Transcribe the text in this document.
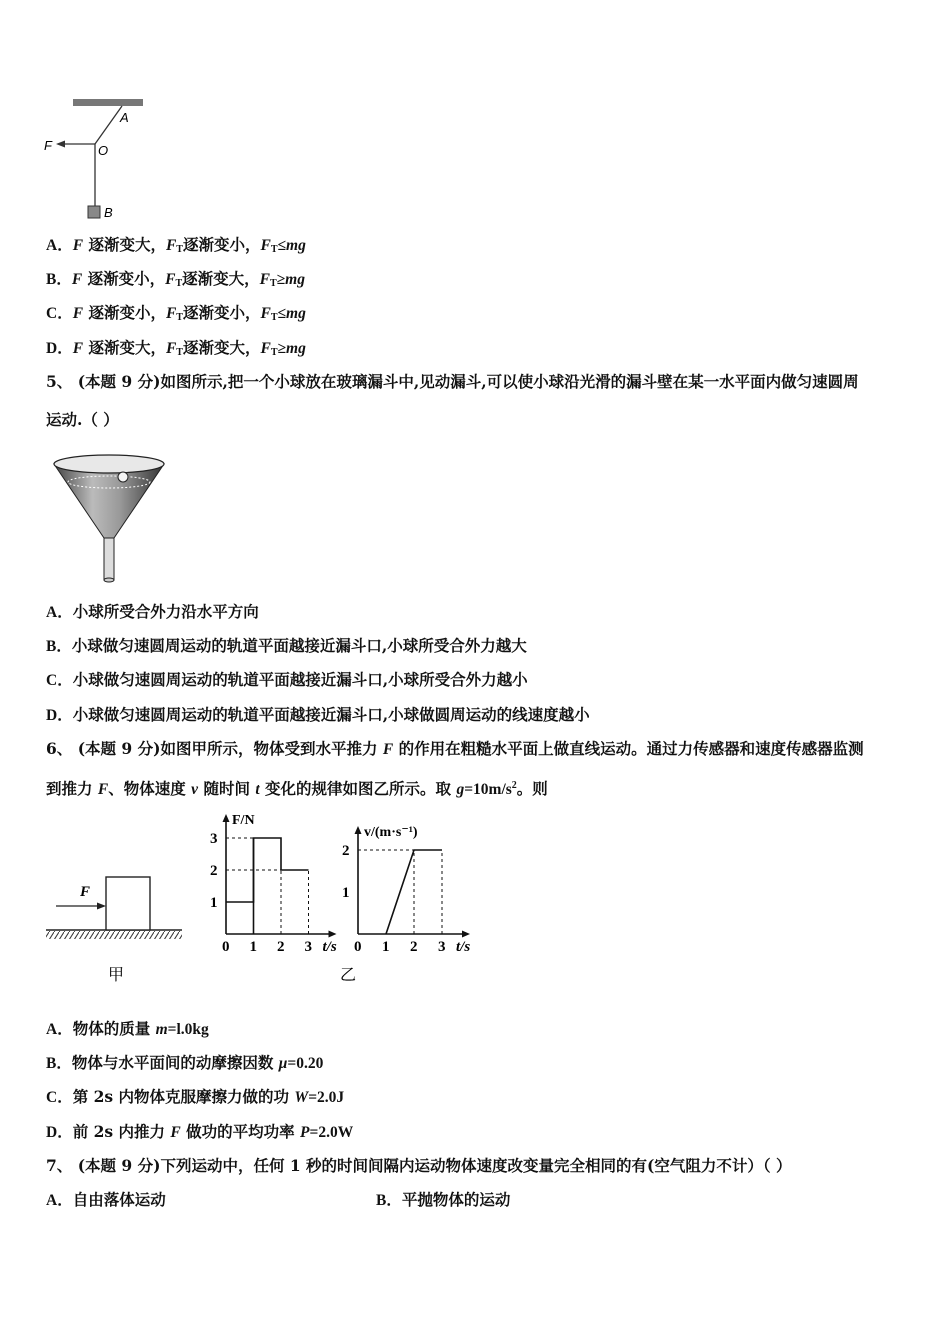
A
O
F
B
A．F 逐渐变大，$F_T$逐渐变小，$F_T\le mg$
B．F 逐渐变小，$F_T$逐渐变大，$F_T\ge mg$
C．F 逐渐变小，$F_T$逐渐变小，$F_T\le mg$
D．F 逐渐变大，$F_T$逐渐变大，$F_T\ge mg$
5、 (本题 9 分)如图所示,把一个小球放在玻璃漏斗中,见动漏斗,可以使小球沿光滑的漏斗壁在某一水平面内做匀速圆周
运动.（ ）
A．小球所受合外力沿水平方向
B．小球做匀速圆周运动的轨道平面越接近漏斗口,小球所受合外力越大
C．小球做匀速圆周运动的轨道平面越接近漏斗口,小球所受合外力越小
D．小球做匀速圆周运动的轨道平面越接近漏斗口,小球做圆周运动的线速度越小
6、 (本题 9 分)如图甲所示，物体受到水平推力 F 的作用在粗糙水平面上做直线运动。通过力传感器和速度传感器监测
到推力 F、物体速度 v 随时间 t 变化的规律如图乙所示。取 $g=10m/s^2$。则
F
甲
0 1 2 3
1
2
3
t/s
F/N
0 1 2 3
1
2
t/s
v/(m·s⁻¹)
乙
A．物体的质量 m=l.0kg
B．物体与水平面间的动摩擦因数 μ=0.20
C．第 2s 内物体克服摩擦力做的功 W=2.0J
D．前 2s 内推力 F 做功的平均功率 P=2.0W
7、 (本题 9 分)下列运动中，任何 1 秒的时间间隔内运动物体速度改变量完全相同的有(空气阻力不计）（ ）
A．自由落体运动	B．平抛物体的运动
